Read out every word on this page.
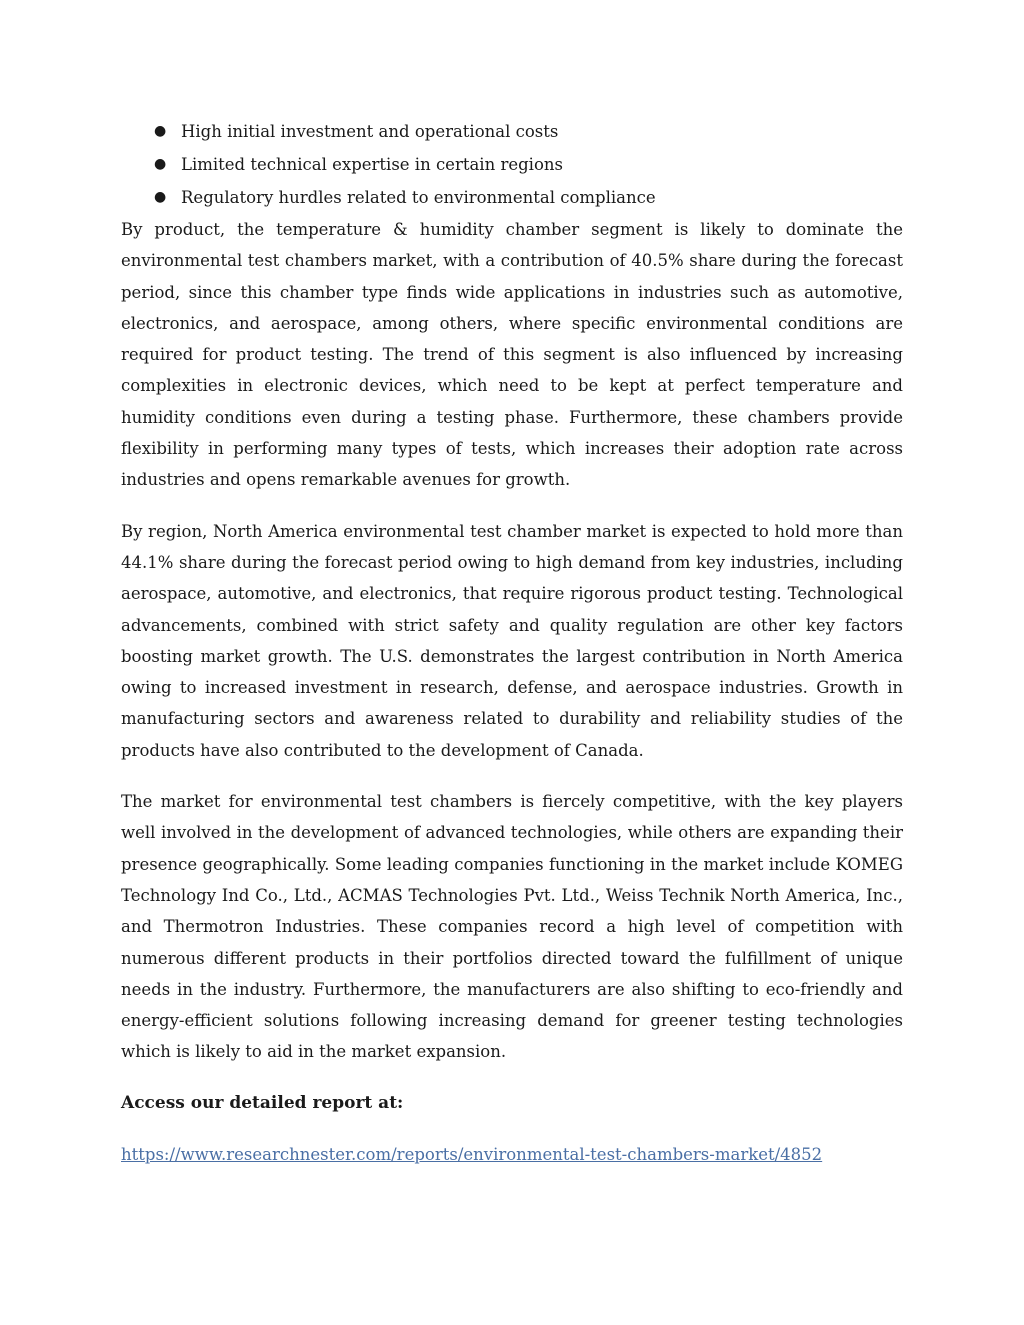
● High initial investment and operational costs
● Limited technical expertise in certain regions
● Regulatory hurdles related to environmental compliance

By product, the temperature & humidity chamber segment is likely to dominate the environmental test chambers market, with a contribution of 40.5% share during the forecast period, since this chamber type finds wide applications in industries such as automotive, electronics, and aerospace, among others, where specific environmental conditions are required for product testing. The trend of this segment is also influenced by increasing complexities in electronic devices, which need to be kept at perfect temperature and humidity conditions even during a testing phase. Furthermore, these chambers provide flexibility in performing many types of tests, which increases their adoption rate across industries and opens remarkable avenues for growth.

By region, North America environmental test chamber market is expected to hold more than 44.1% share during the forecast period owing to high demand from key industries, including aerospace, automotive, and electronics, that require rigorous product testing. Technological advancements, combined with strict safety and quality regulation are other key factors boosting market growth. The U.S. demonstrates the largest contribution in North America owing to increased investment in research, defense, and aerospace industries. Growth in manufacturing sectors and awareness related to durability and reliability studies of the products have also contributed to the development of Canada.

The market for environmental test chambers is fiercely competitive, with the key players well involved in the development of advanced technologies, while others are expanding their presence geographically. Some leading companies functioning in the market include KOMEG Technology Ind Co., Ltd., ACMAS Technologies Pvt. Ltd., Weiss Technik North America, Inc., and Thermotron Industries. These companies record a high level of competition with numerous different products in their portfolios directed toward the fulfillment of unique needs in the industry. Furthermore, the manufacturers are also shifting to eco-friendly and energy-efficient solutions following increasing demand for greener testing technologies which is likely to aid in the market expansion.

Access our detailed report at:
https://www.researchnester.com/reports/environmental-test-chambers-market/4852
